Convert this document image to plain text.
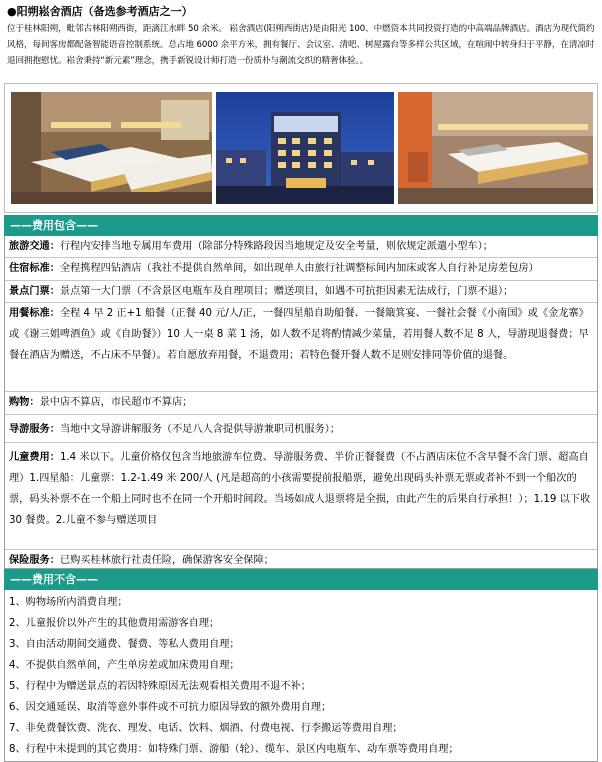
●阳朔崧舍酒店（备选参考酒店之一）
位于桂林阳朔，毗邻古林阳朔西街，距漓江水畔 50 余米。 崧舍酒店(阳朔西街店)是由阳光 100、中燃资本共同投资打造的中高端品牌酒店。酒店为现代简约风格，每间客房都配备智能语音控制系统。总占地 6000 余平方米，拥有餐厅、会议室、清吧、树屋露台等多样公共区域，在喧闹中转身归于平静，在清凉时退回拥抱慰忧。崧舍秉持“新元素”理念，携手新锐设计师打造一份质朴与潮流交织的精奢体验。。
——费用包含——
旅游交通：行程内安排当地专属用车费用（除部分特殊路段因当地规定及安全考量，则依规定派遣小型车）；
住宿标准：全程携程四钻酒店（我社不提供自然单间，如出现单人由旅行社调整标间内加床或客人自行补足房差包房）
景点门票：景点第一大门票（不含景区电瓶车及自理项目；赠送项目，如遇不可抗拒因素无法成行，门票不退）；
用餐标准：全程 4 早 2 正+1 船餐（正餐 40 元/人/正，一餐四星船自助船餐、一餐簸箕宴、一餐社会餐《小南国》或《金龙寨》或《谢三姐啤酒鱼》或《自助餐》）10 人一桌 8 菜 1 汤，如人数不足将酌情减少菜量，若用餐人数不足 8 人，导游现退餐费；早餐在酒店为赠送，不占床不早餐）。若自愿放弃用餐，不退费用；若特色餐开餐人数不足则安排同等价值的退餐。
购物：景中店不算店，市民超市不算店；
导游服务：当地中文导游讲解服务（不足八人含提供导游兼职司机服务）；
儿童费用：1.4 米以下。儿童价格仅包含当地旅游车位费、导游服务费、半价正餐餐费（不占酒店床位不含早餐不含门票、超高自理）1.四星船：儿童票：1.2-1.49 米 200/人 (凡是超高的小孩需要提前报船票，避免出现码头补票无票或者补不到一个船次的票，码头补票不在一个船上同时也不在同一个开船时间段。当场如成人退票将是全损，由此产生的后果自行承担！）；1.19 以下收 30 餐费。2.儿童不参与赠送项目
保险服务：已购买桂林旅行社责任险，确保游客安全保障；
——费用不含——
1、购物场所内消费自理；
2、儿童报价以外产生的其他费用需游客自理；
3、自由活动期间交通费、餐费、等私人费用自理；
4、不提供自然单间，产生单房差或加床费用自理；
5、行程中为赠送景点的若因特殊原因无法观看相关费用不退不补；
6、因交通延误、取消等意外事件或不可抗力原因导致的额外费用自理；
7、非免费餐饮费、洗衣、理发、电话、饮料、烟酒、付费电视、行李搬运等费用自理；
8、行程中未提到的其它费用：如特殊门票、游船（轮）、缆车、景区内电瓶车、动车票等费用自理；
